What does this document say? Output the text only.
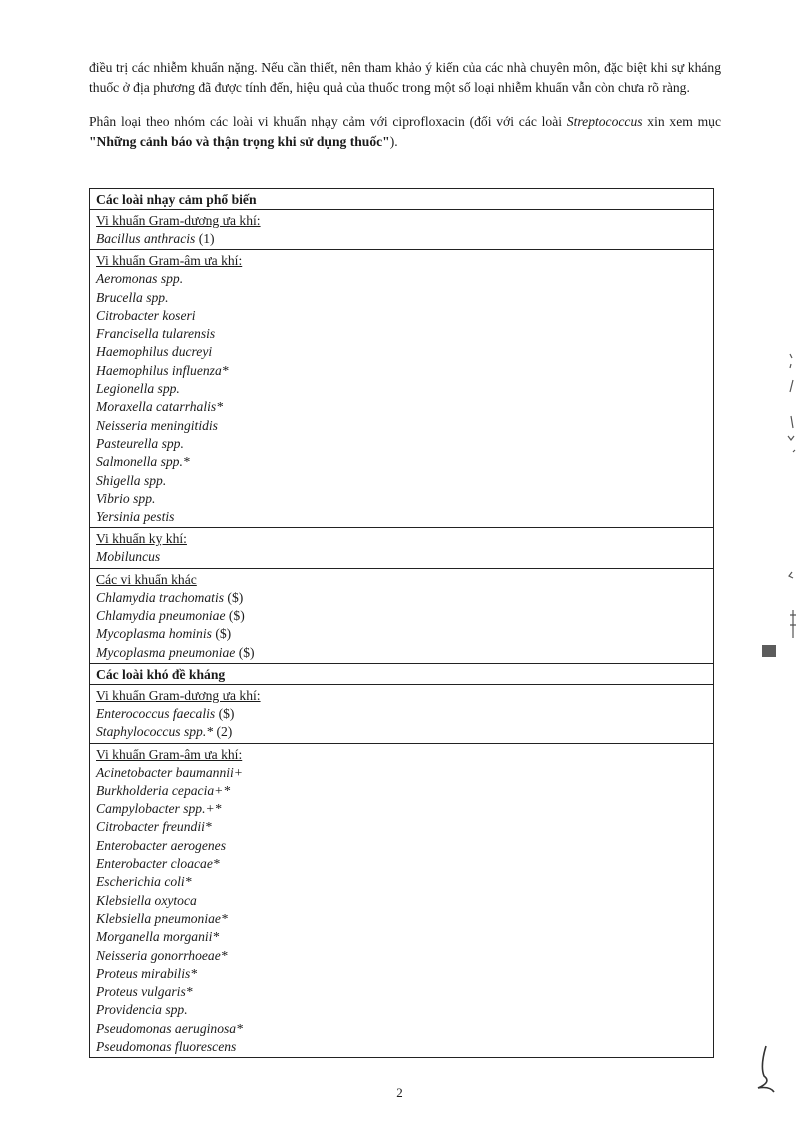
điều trị các nhiễm khuẩn nặng. Nếu cần thiết, nên tham khảo ý kiến của các nhà chuyên môn, đặc biệt khi sự kháng thuốc ở địa phương đã được tính đến, hiệu quả của thuốc trong một số loại nhiễm khuẩn vẫn còn chưa rõ ràng.

Phân loại theo nhóm các loài vi khuẩn nhạy cảm với ciprofloxacin (đối với các loài Streptococcus xin xem mục "Những cảnh báo và thận trọng khi sử dụng thuốc").

Các loài nhạy cảm phổ biến
Vi khuẩn Gram-dương ưa khí:
Bacillus anthracis (1)
Vi khuẩn Gram-âm ưa khí:
Aeromonas spp.
Brucella spp.
Citrobacter koseri
Francisella tularensis
Haemophilus ducreyi
Haemophilus influenza*
Legionella spp.
Moraxella catarrhalis*
Neisseria meningitidis
Pasteurella spp.
Salmonella spp.*
Shigella spp.
Vibrio spp.
Yersinia pestis
Vi khuẩn kỵ khí:
Mobiluncus
Các vi khuẩn khác
Chlamydia trachomatis ($)
Chlamydia pneumoniae ($)
Mycoplasma hominis ($)
Mycoplasma pneumoniae ($)
Các loài khó đề kháng
Vi khuẩn Gram-dương ưa khí:
Enterococcus faecalis ($)
Staphylococcus spp.* (2)
Vi khuẩn Gram-âm ưa khí:
Acinetobacter baumannii+
Burkholderia cepacia+*
Campylobacter spp.+*
Citrobacter freundii*
Enterobacter aerogenes
Enterobacter cloacae*
Escherichia coli*
Klebsiella oxytoca
Klebsiella pneumoniae*
Morganella morganii*
Neisseria gonorrhoeae*
Proteus mirabilis*
Proteus vulgaris*
Providencia spp.
Pseudomonas aeruginosa*
Pseudomonas fluorescens
2
